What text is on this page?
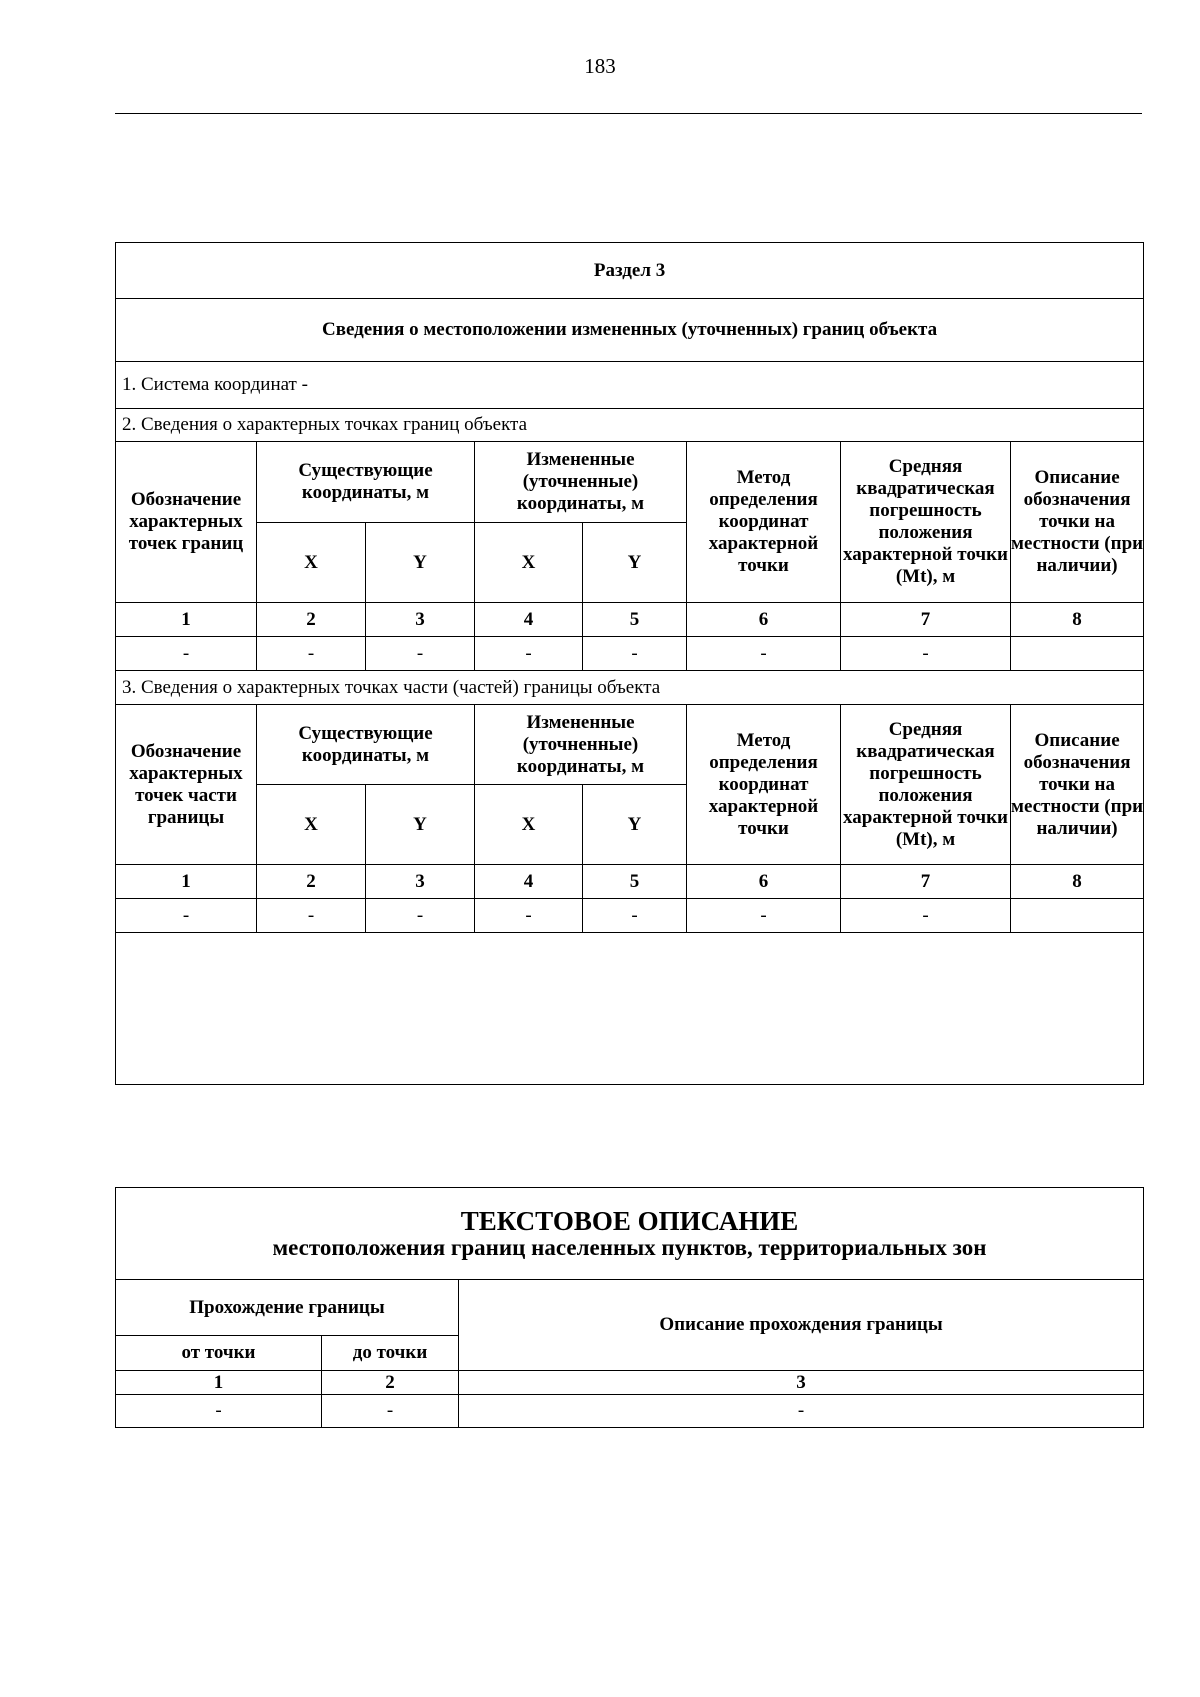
183
Раздел 3							
Сведения о местоположении измененных (уточненных) границ объекта							
1. Система координат -							
2. Сведения о характерных точках границ объекта							
Обозначение характерных точек границ	Существующие координаты, м		Измененные (уточненные) координаты, м		Метод определения координат характерной точки	Средняя квадратическая погрешность положения характерной точки (Mt), м	Описание обозначения точки на местности (при наличии)
	X	Y	X	Y			
1	2	3	4	5	6	7	8
-	-	-	-	-	-	-	
3. Сведения о характерных точках части (частей) границы объекта							
Обозначение характерных точек части границы	Существующие координаты, м		Измененные (уточненные) координаты, м		Метод определения координат характерной точки	Средняя квадратическая погрешность положения характерной точки (Mt), м	Описание обозначения точки на местности (при наличии)
	X	Y	X	Y			
1	2	3	4	5	6	7	8
-	-	-	-	-	-	-	

ТЕКСТОВОЕ ОПИСАНИЕ
местоположения границ населенных пунктов, территориальных зон		

Прохождение границы		Описание прохождения границы
от точки	до точки	
1	2	3
-	-	-
